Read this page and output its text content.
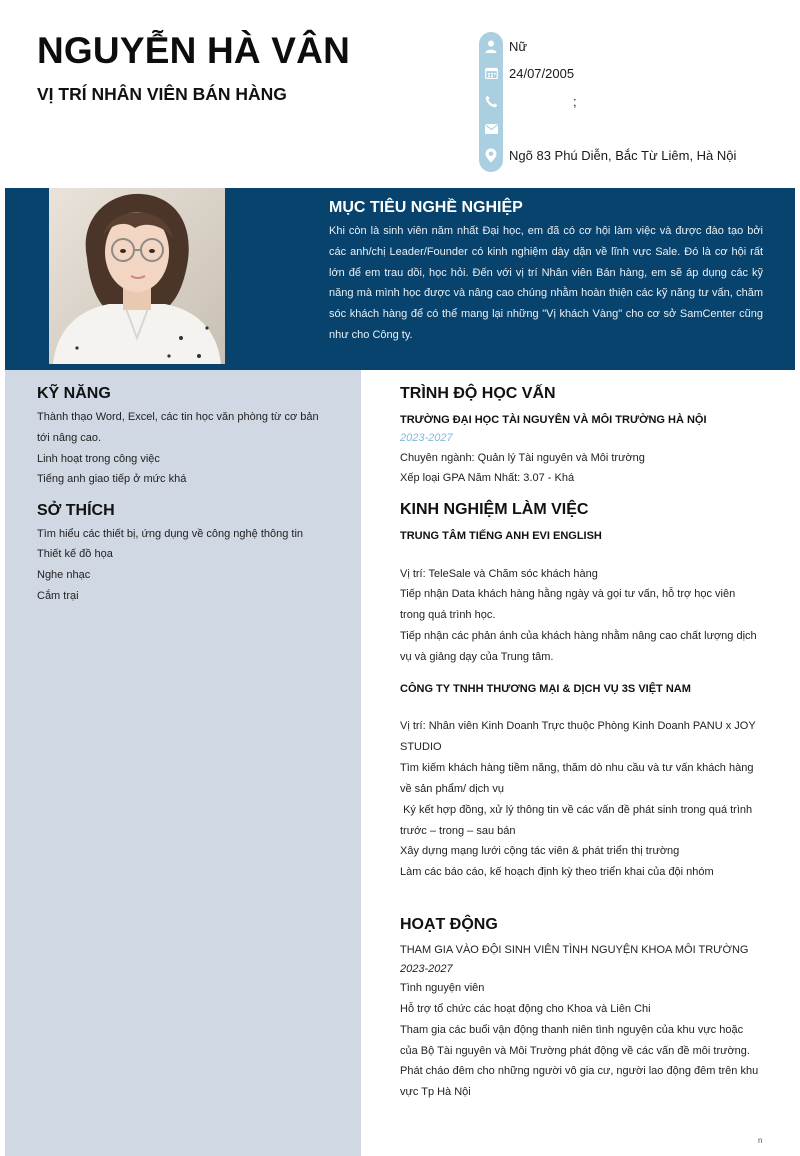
NGUYỄN HÀ VÂN
VỊ TRÍ NHÂN VIÊN BÁN HÀNG
Nữ
24/07/2005
;
Ngõ 83 Phú Diễn, Bắc Từ Liêm, Hà Nội
MỤC TIÊU NGHỀ NGHIỆP
Khi còn là sinh viên năm nhất Đại học, em đã có cơ hội làm việc và được đào tạo bởi các anh/chị Leader/Founder có kinh nghiệm dày dặn về lĩnh vực Sale. Đó là cơ hội rất lớn để em trau dồi, học hỏi. Đến với vị trí Nhân viên Bán hàng, em sẽ áp dụng các kỹ năng mà mình học được và nâng cao chúng nhằm hoàn thiện các kỹ năng tư vấn, chăm sóc khách hàng để có thể mang lại những "Vị khách Vàng" cho cơ sở SamCenter cũng như cho Công ty.
KỸ NĂNG
Thành thạo Word, Excel, các tin học văn phòng từ cơ bản tới nâng cao.
Linh hoạt trong công việc
Tiếng anh giao tiếp ở mức khá
SỞ THÍCH
Tìm hiểu các thiết bị, ứng dụng về công nghệ thông tin
Thiết kế đồ họa
Nghe nhạc
Cắm trại
TRÌNH ĐỘ HỌC VẤN
TRƯỜNG ĐẠI HỌC TÀI NGUYÊN VÀ MÔI TRƯỜNG HÀ NỘI
2023-2027
Chuyên ngành: Quản lý Tài nguyên và Môi trường
Xếp loại GPA Năm Nhất: 3.07 - Khá
KINH NGHIỆM LÀM VIỆC
TRUNG TÂM TIẾNG ANH EVI ENGLISH
Vị trí: TeleSale và Chăm sóc khách hàng
Tiếp nhận Data khách hàng hằng ngày và gọi tư vấn, hỗ trợ học viên trong quá trình học.
Tiếp nhận các phản ánh của khách hàng nhằm nâng cao chất lượng dịch vụ và giảng dạy của Trung tâm.
CÔNG TY TNHH THƯƠNG MẠI & DỊCH VỤ 3S VIỆT NAM
Vị trí: Nhân viên Kinh Doanh Trực thuộc Phòng Kinh Doanh PANU x JOY STUDIO
Tìm kiếm khách hàng tiềm năng, thăm dò nhu cầu và tư vấn khách hàng về sản phẩm/ dịch vụ
Ký kết hợp đồng, xử lý thông tin về các vấn đề phát sinh trong quá trình trước – trong – sau bán
Xây dựng mạng lưới cộng tác viên & phát triển thị trường
Làm các báo cáo, kế hoạch định kỳ theo triển khai của đội nhóm
HOẠT ĐỘNG
THAM GIA VÀO ĐỘI SINH VIÊN TÌNH NGUYỆN KHOA MÔI TRƯỜNG
2023-2027
Tình nguyện viên
Hỗ trợ tổ chức các hoạt động cho Khoa và Liên Chi
Tham gia các buổi vận động thanh niên tình nguyện của khu vực hoặc của Bộ Tài nguyên và Môi Trường phát động về các vấn đề môi trường.
Phát cháo đêm cho những người vô gia cư, người lao động đêm trên khu vực Tp Hà Nội
n
